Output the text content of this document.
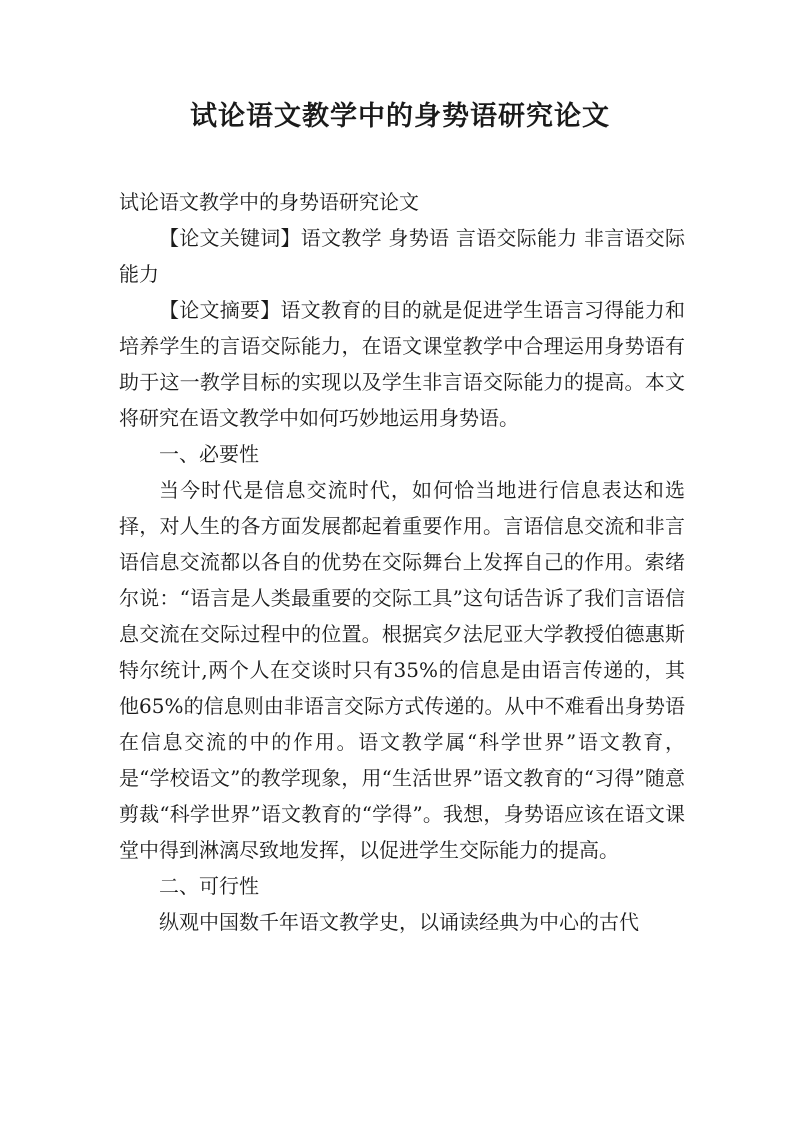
试论语文教学中的身势语研究论文

试论语文教学中的身势语研究论文

【论文关键词】语文教学 身势语 言语交际能力 非言语交际能力

【论文摘要】语文教育的目的就是促进学生语言习得能力和培养学生的言语交际能力，在语文课堂教学中合理运用身势语有助于这一教学目标的实现以及学生非言语交际能力的提高。本文将研究在语文教学中如何巧妙地运用身势语。

一、必要性

当今时代是信息交流时代，如何恰当地进行信息表达和选择，对人生的各方面发展都起着重要作用。言语信息交流和非言语信息交流都以各自的优势在交际舞台上发挥自己的作用。索绪尔说：“语言是人类最重要的交际工具”这句话告诉了我们言语信息交流在交际过程中的位置。根据宾夕法尼亚大学教授伯德惠斯特尔统计,两个人在交谈时只有35%的信息是由语言传递的，其他65%的信息则由非语言交际方式传递的。从中不难看出身势语在信息交流的中的作用。语文教学属“科学世界”语文教育，是“学校语文”的教学现象，用“生活世界”语文教育的“习得”随意剪裁“科学世界”语文教育的“学得”。我想，身势语应该在语文课堂中得到淋漓尽致地发挥，以促进学生交际能力的提高。

二、可行性

纵观中国数千年语文教学史，以诵读经典为中心的古代
